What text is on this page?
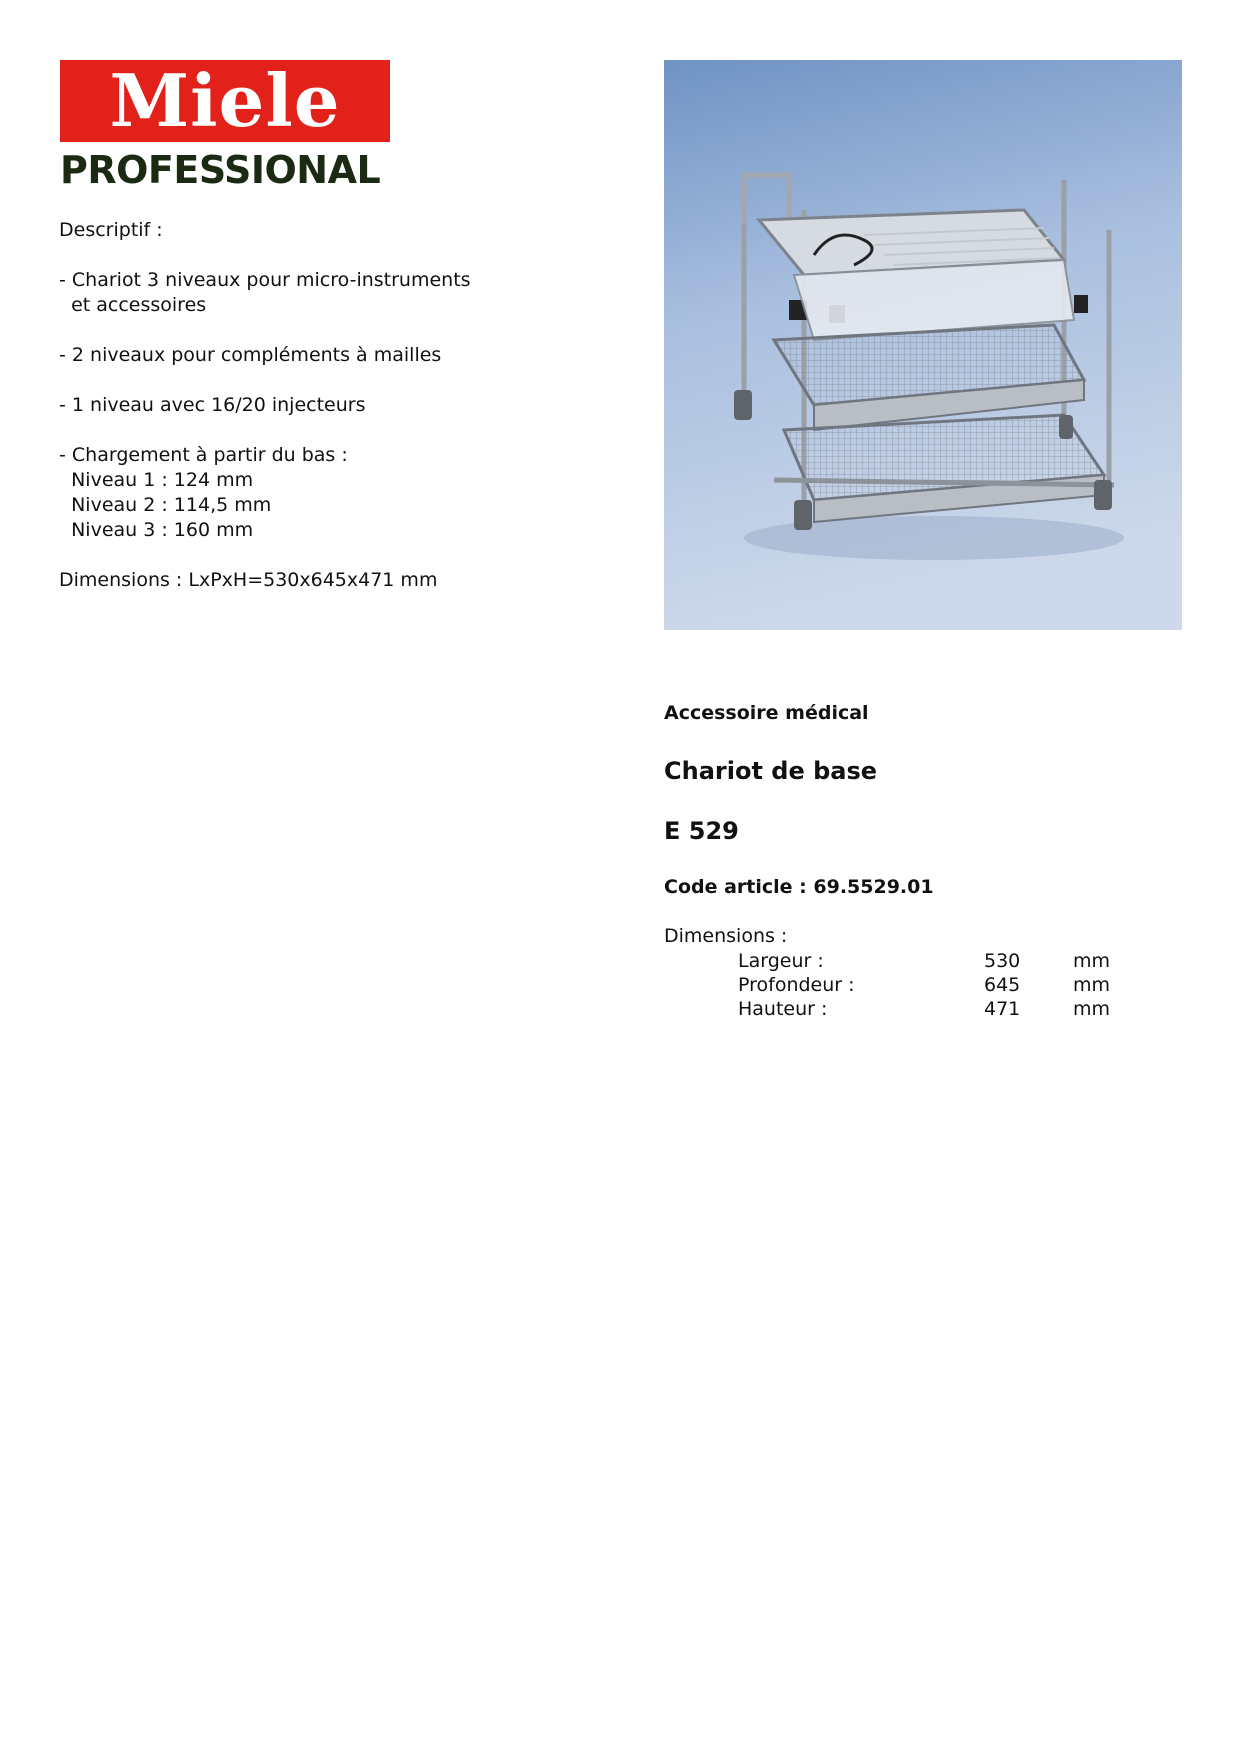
Miele
PROFESSIONAL
Descriptif :
- Chariot 3 niveaux pour micro-instruments
et accessoires
- 2 niveaux pour compléments à mailles
- 1 niveau avec 16/20 injecteurs
- Chargement à partir du bas :
Niveau 1 : 124 mm
Niveau 2 : 114,5 mm
Niveau 3 : 160 mm
Dimensions : LxPxH=530x645x471 mm
Accessoire médical
Chariot de base
E 529
Code article : 69.5529.01
Dimensions :
Largeur :	530	mm
Profondeur :	645	mm
Hauteur :	471	mm
